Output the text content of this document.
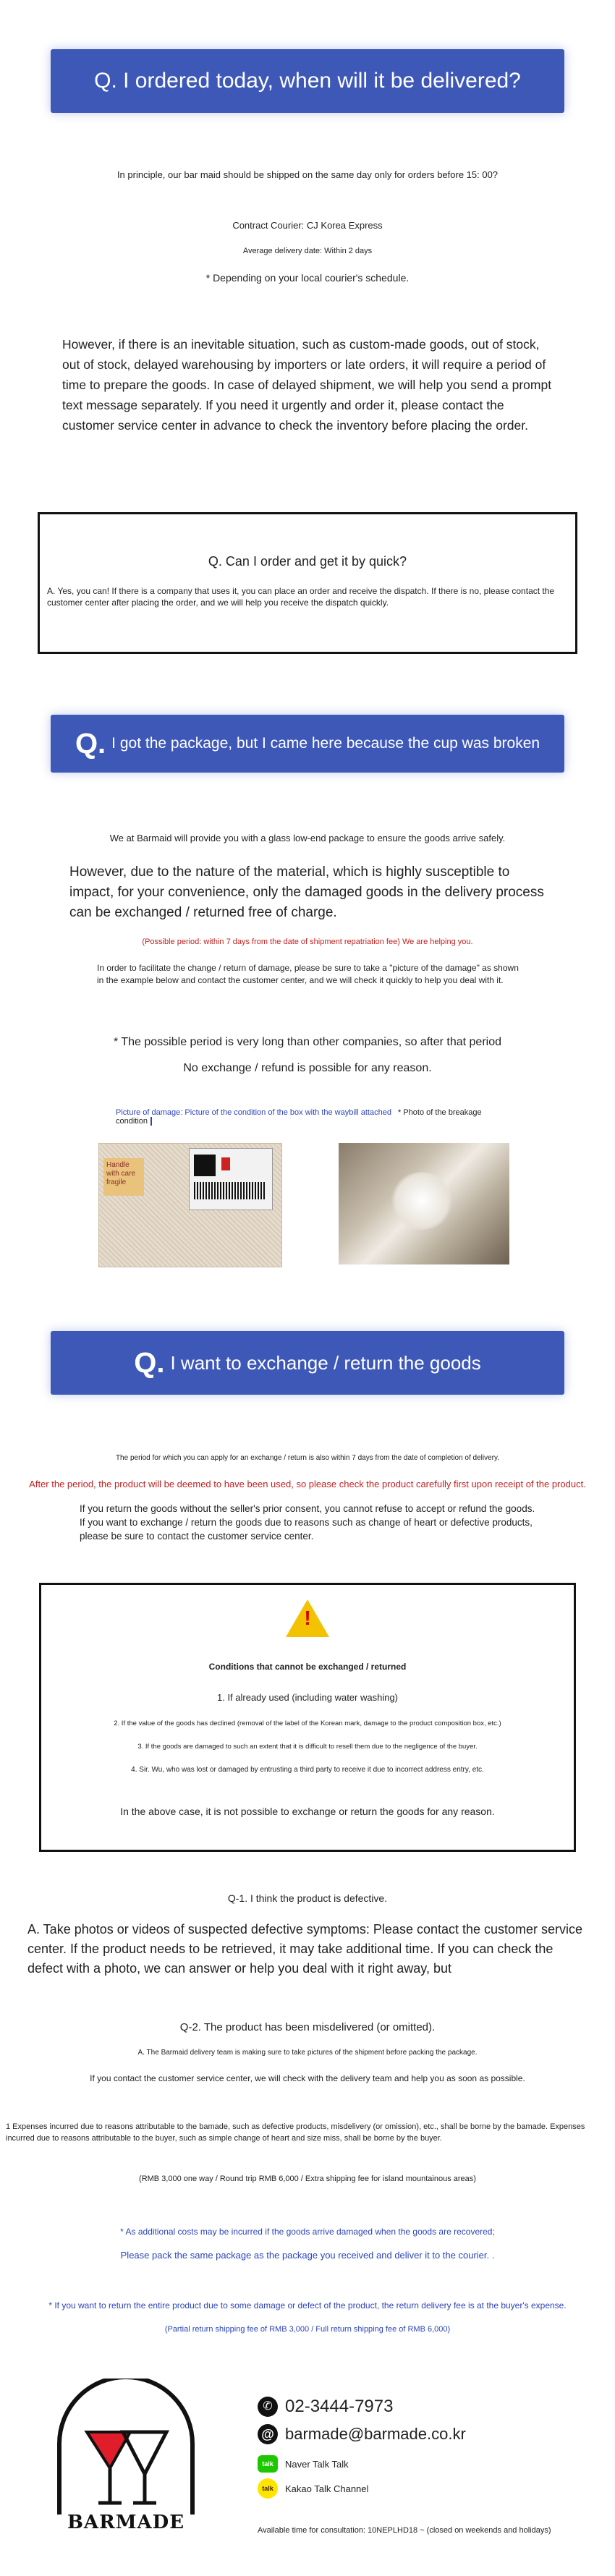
Q. I ordered today, when will it be delivered?

In principle, our bar maid should be shipped on the same day only for orders before 15: 00?

Contract Courier: CJ Korea Express

Average delivery date: Within 2 days

* Depending on your local courier's schedule.

However, if there is an inevitable situation, such as custom-made goods, out of stock, out of stock, delayed warehousing by importers or late orders, it will require a period of time to prepare the goods. In case of delayed shipment, we will help you send a prompt text message separately. If you need it urgently and order it, please contact the customer service center in advance to check the inventory before placing the order.

Q. Can I order and get it by quick?

A. Yes, you can! If there is a company that uses it, you can place an order and receive the dispatch. If there is no, please contact the customer center after placing the order, and we will help you receive the dispatch quickly.

Q. I got the package, but I came here because the cup was broken

We at Barmaid will provide you with a glass low-end package to ensure the goods arrive safely.

However, due to the nature of the material, which is highly susceptible to impact, for your convenience, only the damaged goods in the delivery process can be exchanged / returned free of charge.

(Possible period: within 7 days from the date of shipment repatriation fee) We are helping you.

In order to facilitate the change / return of damage, please be sure to take a "picture of the damage" as shown in the example below and contact the customer center, and we will check it quickly to help you deal with it.

* The possible period is very long than other companies, so after that period

No exchange / refund is possible for any reason.

Picture of damage: Picture of the condition of the box with the waybill attached * Photo of the breakage condition
Handle with care
fragile
Q. I want to exchange / return the goods

The period for which you can apply for an exchange / return is also within 7 days from the date of completion of delivery.

After the period, the product will be deemed to have been used, so please check the product carefully first upon receipt of the product.

If you return the goods without the seller's prior consent, you cannot refuse to accept or refund the goods. If you want to exchange / return the goods due to reasons such as change of heart or defective products, please be sure to contact the customer service center.

!

Conditions that cannot be exchanged / returned

1. If already used (including water washing)

2. If the value of the goods has declined (removal of the label of the Korean mark, damage to the product composition box, etc.)

3. If the goods are damaged to such an extent that it is difficult to resell them due to the negligence of the buyer.

4. Sir. Wu, who was lost or damaged by entrusting a third party to receive it due to incorrect address entry, etc.

In the above case, it is not possible to exchange or return the goods for any reason.

Q-1. I think the product is defective.

A. Take photos or videos of suspected defective symptoms: Please contact the customer service center. If the product needs to be retrieved, it may take additional time. If you can check the defect with a photo, we can answer or help you deal with it right away, but

Q-2. The product has been misdelivered (or omitted).

A. The Barmaid delivery team is making sure to take pictures of the shipment before packing the package.

If you contact the customer service center, we will check with the delivery team and help you as soon as possible.

1 Expenses incurred due to reasons attributable to the bamade, such as defective products, misdelivery (or omission), etc., shall be borne by the bamade. Expenses incurred due to reasons attributable to the buyer, such as simple change of heart and size miss, shall be borne by the buyer.

(RMB 3,000 one way / Round trip RMB 6,000 / Extra shipping fee for island mountainous areas)

* As additional costs may be incurred if the goods arrive damaged when the goods are recovered;

Please pack the same package as the package you received and deliver it to the courier. .

* If you want to return the entire product due to some damage or defect of the product, the return delivery fee is at the buyer's expense.

(Partial return shipping fee of RMB 3,000 / Full return shipping fee of RMB 6,000)

BARMADE
✆ 02-3444-7973
@ barmade@barmade.co.kr
talk	Naver Talk Talk
talk	Kakao Talk Channel

Available time for consultation: 10NEPLHD18 ~ (closed on weekends and holidays)
